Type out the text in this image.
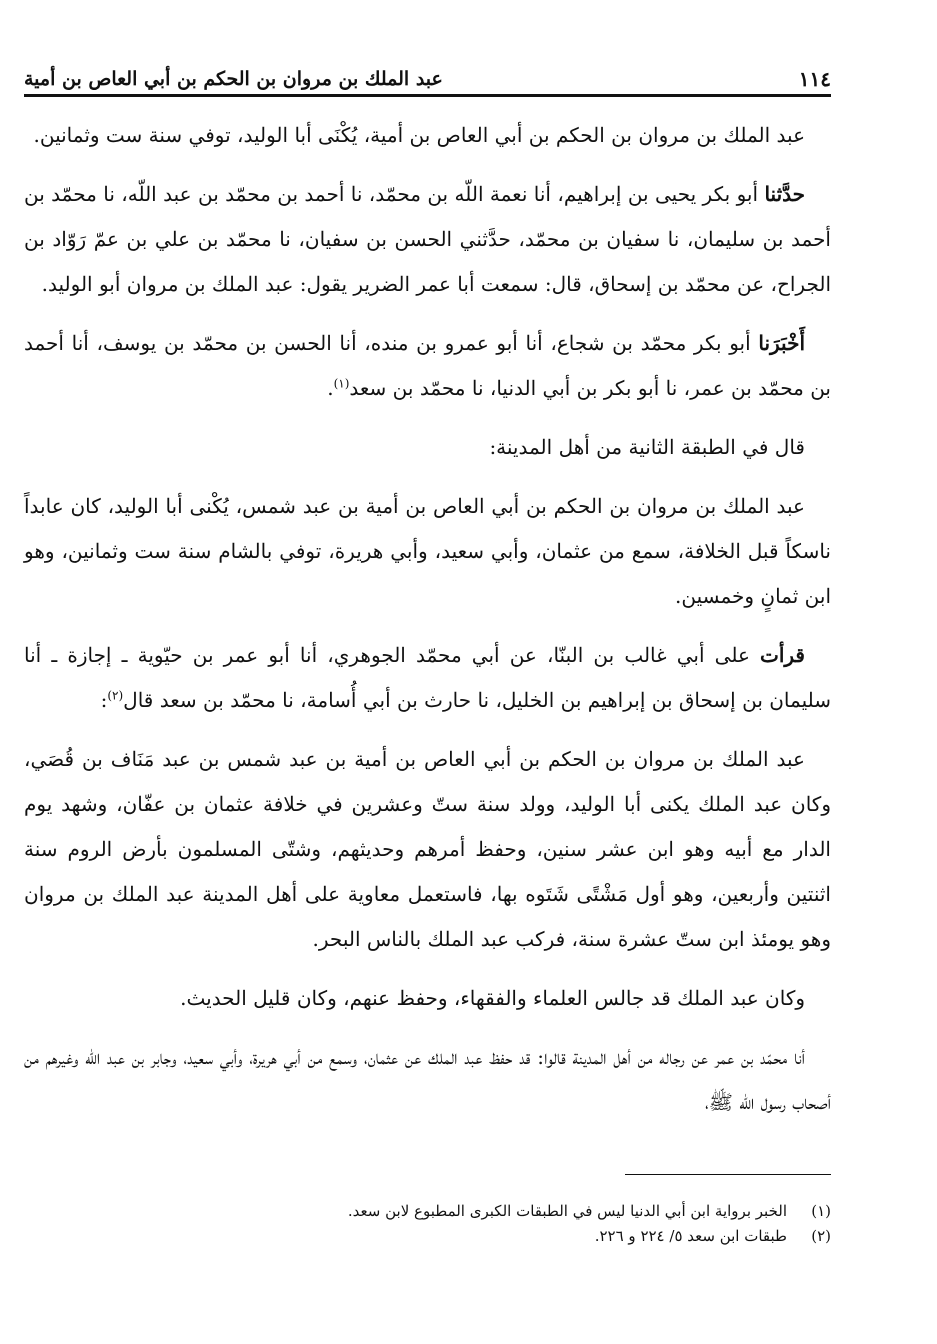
١١٤
عبد الملك بن مروان بن الحكم بن أبي العاص بن أمية

عبد الملك بن مروان بن الحكم بن أبي العاص بن أمية، يُكْنَى أبا الوليد، توفي سنة ست وثمانين.

حدَّثنا أبو بكر يحيى بن إبراهيم، أنا نعمة اللّه بن محمّد، نا أحمد بن محمّد بن عبد اللّه، نا محمّد بن أحمد بن سليمان، نا سفيان بن محمّد، حدَّثني الحسن بن سفيان، نا محمّد بن علي بن عمّ رَوّاد بن الجراح، عن محمّد بن إسحاق، قال: سمعت أبا عمر الضرير يقول: عبد الملك بن مروان أبو الوليد.

أَخْبَرَنا أبو بكر محمّد بن شجاع، أنا أبو عمرو بن منده، أنا الحسن بن محمّد بن يوسف، أنا أحمد بن محمّد بن عمر، نا أبو بكر بن أبي الدنيا، نا محمّد بن سعد$^{(١)}$.

قال في الطبقة الثانية من أهل المدينة:

عبد الملك بن مروان بن الحكم بن أبي العاص بن أمية بن عبد شمس، يُكْنى أبا الوليد، كان عابداً ناسكاً قبل الخلافة، سمع من عثمان، وأبي سعيد، وأبي هريرة، توفي بالشام سنة ست وثمانين، وهو ابن ثمانٍ وخمسين.

قرأت على أبي غالب بن البنّا، عن أبي محمّد الجوهري، أنا أبو عمر بن حيّوية ـ إجازة ـ أنا سليمان بن إسحاق بن إبراهيم بن الخليل، نا حارث بن أبي أُسامة، نا محمّد بن سعد قال$^{(٢)}$:

عبد الملك بن مروان بن الحكم بن أبي العاص بن أمية بن عبد شمس بن عبد مَنَاف بن قُصَي، وكان عبد الملك يكنى أبا الوليد، وولد سنة ستّ وعشرين في خلافة عثمان بن عفّان، وشهد يوم الدار مع أبيه وهو ابن عشر سنين، وحفظ أمرهم وحديثهم، وشتّى المسلمون بأرض الروم سنة اثنتين وأربعين، وهو أول مَشْتًى شَتَوه بها، فاستعمل معاوية على أهل المدينة عبد الملك بن مروان وهو يومئذ ابن ستّ عشرة سنة، فركب عبد الملك بالناس البحر.

وكان عبد الملك قد جالس العلماء والفقهاء، وحفظ عنهم، وكان قليل الحديث.

أنا محمّد بن عمر عن رجاله من أهل المدينة قالوا: قد حفظ عبد الملك عن عثمان، وسمع من أبي هريرة، وأبي سعيد، وجابر بن عبد اللّه وغيرهم من أصحاب رسول الله ﷺ،

(١)
الخبر برواية ابن أبي الدنيا ليس في الطبقات الكبرى المطبوع لابن سعد.
(٢)
طبقات ابن سعد ٥/ ٢٢٤ و ٢٢٦.
